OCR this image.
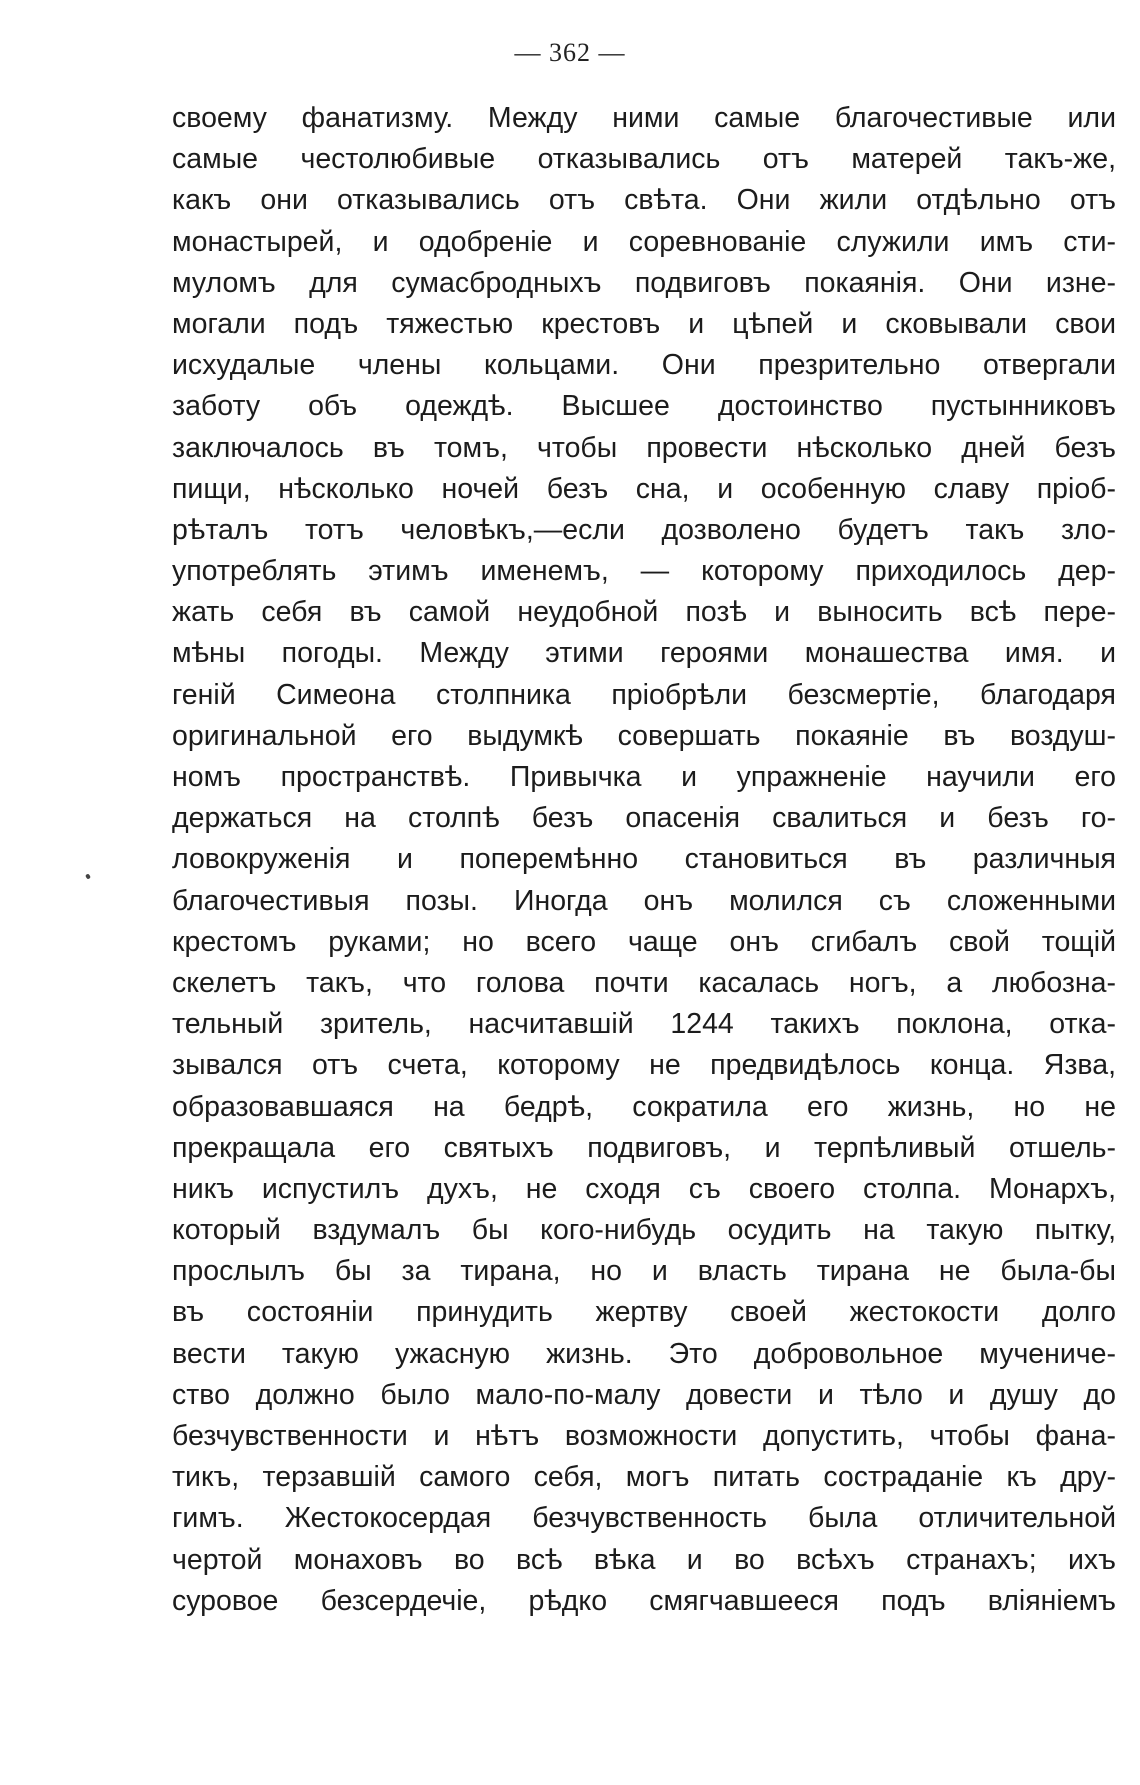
— 362 —
своему фанатизму. Между ними самые благочестивые или
самые честолюбивые отказывались отъ матерей такъ-же,
какъ они отказывались отъ свѣта. Они жили отдѣльно отъ
монастырей, и одобренiе и соревнованiе служили имъ сти-
муломъ для сумасбродныхъ подвиговъ покаянiя. Они изне-
могали подъ тяжестью крестовъ и цѣпей и сковывали свои
исхудалые члены кольцами. Они презрительно отвергали
заботу объ одеждѣ. Высшее достоинство пустынниковъ
заключалось въ томъ, чтобы провести нѣсколько дней безъ
пищи, нѣсколько ночей безъ сна, и особенную славу прiоб-
рѣталъ тотъ человѣкъ,—если дозволено будетъ такъ зло-
употреблять этимъ именемъ, — которому приходилось дер-
жать себя въ самой неудобной позѣ и выносить всѣ пере-
мѣны погоды. Между этими героями монашества имя. и
генiй Симеона столпника прiобрѣли безсмертiе, благодаря
оригинальной его выдумкѣ совершать покаянiе въ воздуш-
номъ пространствѣ. Привычка и упражненiе научили его
держаться на столпѣ безъ опасенiя свалиться и безъ го-
ловокруженiя и поперемѣнно становиться въ различныя
благочестивыя позы. Иногда онъ молился съ сложенными
крестомъ руками; но всего чаще онъ сгибалъ свой тощiй
скелетъ такъ, что голова почти касалась ногъ, а любозна-
тельный зритель, насчитавшiй 1244 такихъ поклона, отка-
зывался отъ счета, которому не предвидѣлось конца. Язва,
образовавшаяся на бедрѣ, сократила его жизнь, но не
прекращала его святыхъ подвиговъ, и терпѣливый отшель-
никъ испустилъ духъ, не сходя съ своего столпа. Монархъ,
который вздумалъ бы кого-нибудь осудить на такую пытку,
прослылъ бы за тирана, но и власть тирана не была-бы
въ состоянiи принудить жертву своей жестокости долго
вести такую ужасную жизнь. Это добровольное мучениче-
ство должно было мало-по-малу довести и тѣло и душу до
безчувственности и нѣтъ возможности допустить, чтобы фана-
тикъ, терзавшiй самого себя, могъ питать состраданiе къ дру-
гимъ. Жестокосердая безчувственность была отличительной
чертой монаховъ во всѣ вѣка и во всѣхъ странахъ; ихъ
суровое безсердечiе, рѣдко смягчавшееся подъ влiянiемъ
